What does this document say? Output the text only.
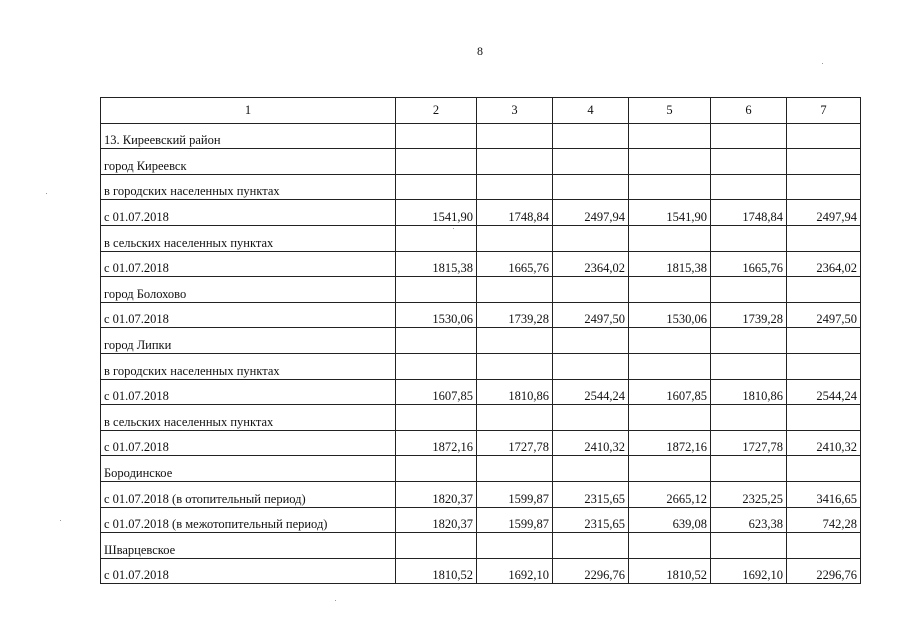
8
1	2	3	4	5	6	7
13. Киреевский район						
город Киреевск						
в городских населенных пунктах						
с 01.07.2018	1541,90	1748,84	2497,94	1541,90	1748,84	2497,94
в сельских населенных пунктах						
с 01.07.2018	1815,38	1665,76	2364,02	1815,38	1665,76	2364,02
город Болохово						
с 01.07.2018	1530,06	1739,28	2497,50	1530,06	1739,28	2497,50
город Липки						
в городских населенных пунктах						
с 01.07.2018	1607,85	1810,86	2544,24	1607,85	1810,86	2544,24
в сельских населенных пунктах						
с 01.07.2018	1872,16	1727,78	2410,32	1872,16	1727,78	2410,32
Бородинское						
с 01.07.2018 (в отопительный период)	1820,37	1599,87	2315,65	2665,12	2325,25	3416,65
с 01.07.2018 (в межотопительный период)	1820,37	1599,87	2315,65	639,08	623,38	742,28
Шварцевское						
с 01.07.2018	1810,52	1692,10	2296,76	1810,52	1692,10	2296,76
